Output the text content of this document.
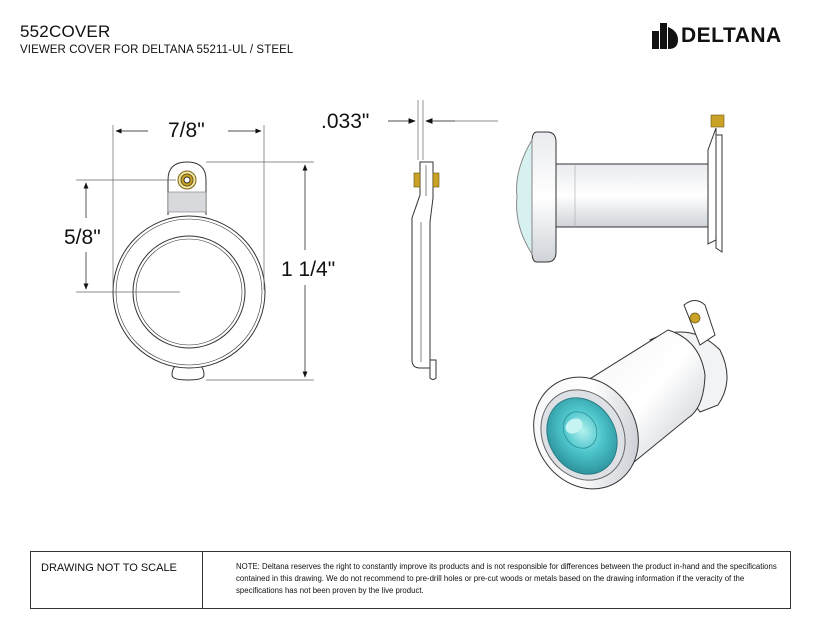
552COVER
VIEWER COVER FOR DELTANA 55211-UL / STEEL
DELTANA
7/8"
5/8"
1 1/4"
.033"
DRAWING NOT TO SCALE	NOTE: Deltana reserves the right to constantly improve its products and is not responsible for differences between the product in-hand and the specifications contained in this drawing. We do not recommend to pre-drill holes or pre-cut woods or metals based on the drawing information if the veracity of the specifications has not been proven by the live product.
